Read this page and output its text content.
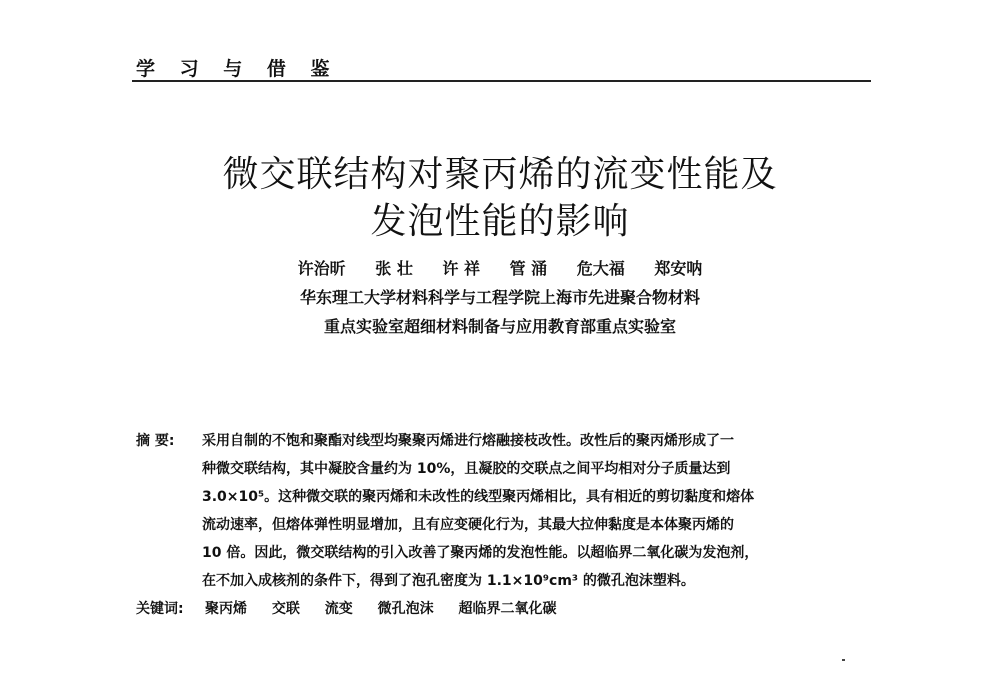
学 习 与 借 鉴
微交联结构对聚丙烯的流变性能及
发泡性能的影响
许治昕 张 壮 许 祥 管 涌 危大福 郑安呐
华东理工大学材料科学与工程学院上海市先进聚合物材料
重点实验室超细材料制备与应用教育部重点实验室
摘 要: 采用自制的不饱和聚酯对线型均聚聚丙烯进行熔融接枝改性。改性后的聚丙烯形成了一
种微交联结构，其中凝胶含量约为 10%，且凝胶的交联点之间平均相对分子质量达到
3.0×10⁵。这种微交联的聚丙烯和未改性的线型聚丙烯相比，具有相近的剪切黏度和熔体
流动速率，但熔体弹性明显增加，且有应变硬化行为，其最大拉伸黏度是本体聚丙烯的
10 倍。因此，微交联结构的引入改善了聚丙烯的发泡性能。以超临界二氧化碳为发泡剂，
在不加入成核剂的条件下，得到了泡孔密度为 1.1×10⁹cm³ 的微孔泡沫塑料。
关键词: 聚丙烯 交联 流变 微孔泡沫 超临界二氧化碳
